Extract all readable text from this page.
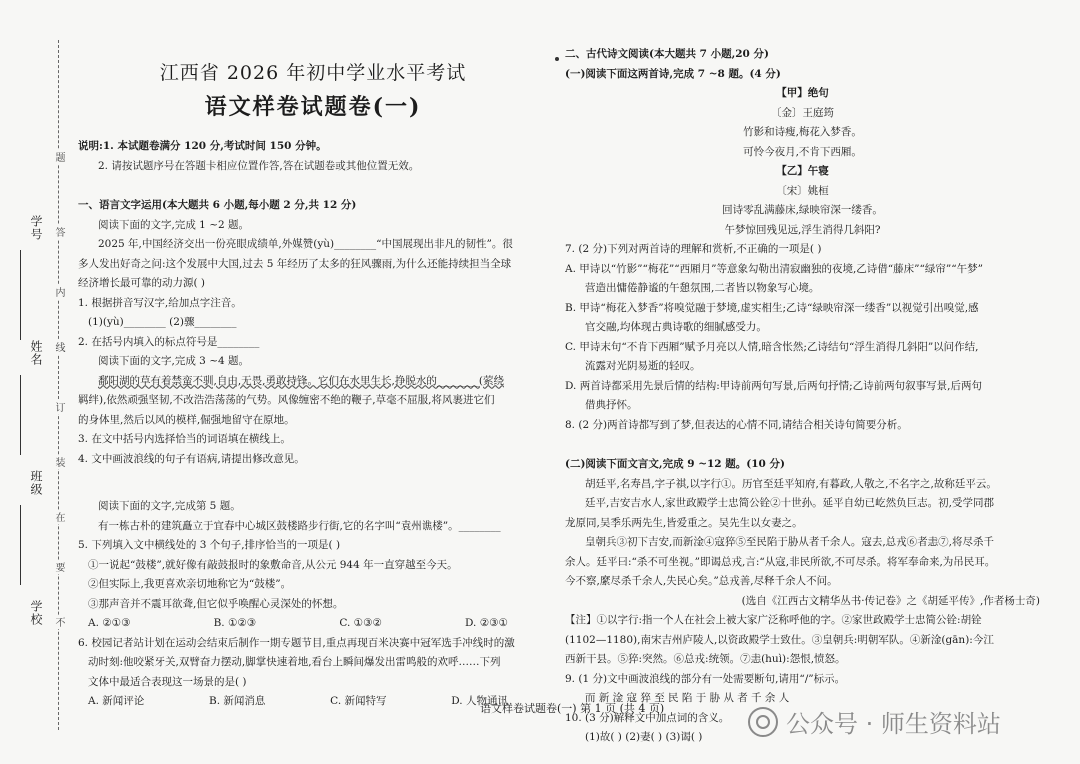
题
答
内
线
订
装
在
要
不
学号
姓名
班级
学校
江西省 2026 年初中学业水平考试
语文样卷试题卷(一)
说明:1. 本试题卷满分 120 分,考试时间 150 分钟。
2. 请按试题序号在答题卡相应位置作答,答在试题卷或其他位置无效。
一、语言文字运用(本大题共 6 小题,每小题 2 分,共 12 分)
阅读下面的文字,完成 1 ~2 题。
2025 年,中国经济交出一份亮眼成绩单,外媒赞(yù)________“中国展现出非凡的韧性”。很
多人发出好奇之问:这个发展中大国,过去 5 年经历了太多的狂风骤雨,为什么还能持续担当全球
经济增长最可靠的动力源( )
1. 根据拼音写汉字,给加点字注音。
(1)(yù)________ (2)骤________
2. 在括号内填入的标点符号是________
阅读下面的文字,完成 3 ~4 题。
鄱阳湖的草有着禁蛮不驯,自由,无畏,勇敢持锋。它们在水里生长,挣脱水的________(萦绕
羁绊),依然顽强坚韧,不改浩浩荡荡的气势。风像缠密不绝的鞭子,草毫不屈服,将风裹进它们
的身体里,然后以风的模样,倔强地留守在原地。
3. 在文中括号内选择恰当的词语填在横线上。
4. 文中画波浪线的句子有语病,请提出修改意见。
阅读下面的文字,完成第 5 题。
有一栋古朴的建筑矗立于宜春中心城区鼓楼路步行街,它的名字叫“袁州谯楼”。________
5. 下列填入文中横线处的 3 个句子,排序恰当的一项是( )
①一说起“鼓楼”,就好像有敲鼓报时的象敷命音,从公元 944 年一直穿越至今天。
②但实际上,我更喜欢亲切地称它为“鼓楼”。
③那声音并不震耳欲聋,但它似乎唤醒心灵深处的怀想。
A. ②①③	B. ①②③	C. ①③②	D. ②③①
6. 校园记者站计划在运动会结束后制作一期专题节目,重点再现百米决赛中冠军选手冲线时的激
动时刻:他咬紧牙关,双臂奋力摆动,脚掌快速着地,看台上瞬间爆发出雷鸣般的欢呼……下列
文体中最适合表现这一场景的是( )
A. 新闻评论	B. 新闻消息	C. 新闻特写	D. 人物通讯
二、古代诗文阅读(本大题共 7 小题,20 分)
(一)阅读下面这两首诗,完成 7 ~8 题。(4 分)
【甲】绝句
〔金〕王庭筠
竹影和诗瘦,梅花入梦香。
可怜今夜月,不肯下西厢。
【乙】午寝
〔宋〕姚桓
回诗零乱满藤床,绿映帘深一缕香。
午梦惊回残见远,浮生消得几斜阳?
7. (2 分)下列对两首诗的理解和赏析,不正确的一项是( )
A. 甲诗以“竹影”“梅花”“西厢月”等意象勾勒出清寂幽独的夜境,乙诗借“藤床”“绿帘”“午梦”
营造出慵倦静谧的午憩氛围,二者皆以物象写心境。
B. 甲诗“梅花入梦香”将嗅觉融于梦境,虚实相生;乙诗“绿映帘深一缕香”以视觉引出嗅觉,感
官交融,均体现古典诗歌的细腻感受力。
C. 甲诗末句“不肯下西厢”赋予月亮以人情,暗含怅然;乙诗结句“浮生消得几斜阳”以问作结,
流露对光阴易逝的轻叹。
D. 两首诗都采用先景后情的结构:甲诗前两句写景,后两句抒情;乙诗前两句叙事写景,后两句
借典抒怀。
8. (2 分)两首诗都写到了梦,但表达的心情不同,请结合相关诗句简要分析。
(二)阅读下面文言文,完成 9 ~12 题。(10 分)
胡廷平,名寿昌,字子祺,以字行①。历官至廷平知府,有暮政,人敬之,不名字之,故称廷平云。
廷平,吉安吉水人,家世政殿学士忠简公铨②十世孙。延平自幼已屹然负巨志。初,受学同郡
龙原同,吴季乐两先生,皆爱重之。吴先生以女妻之。
皇朝兵③初下吉安,而新淦④寇猝⑤至民陷于胁从者千余人。寇去,总戎⑥者恚⑦,将尽杀千
余人。廷平曰:“杀不可坐视。”即谒总戎,言:“从寇,非民所欲,不可尽杀。将军奉命来,为吊民耳。
今不察,縻尽杀千余人,失民心矣。”总戎善,尽释千余人不问。
(选自《江西古文精华丛书·传记卷》之《胡延平传》,作者杨士奇)
【注】①以字行:指一个人在社会上被大家广泛称呼他的字。②家世政殿学士忠简公铨:胡铨
(1102—1180),南宋吉州庐陵人,以资政殿学士致仕。③皇朝兵:明朝军队。④新淦(gān):今江
西新干县。⑤猝:突然。⑥总戎:统领。⑦恚(huì):怨恨,愤怒。
9. (1 分)文中画波浪线的部分有一处需要断句,请用“/”标示。
而 新 淦 寇 猝 至 民 陷 于 胁 从 者 千 余 人
10. (3 分)解释文中加点词的含义。
(1)故( ) (2)妻( ) (3)谒( )
语文样卷试题卷(一) 第 1 页 (共 4 页)
公众号 · 师生资料站
